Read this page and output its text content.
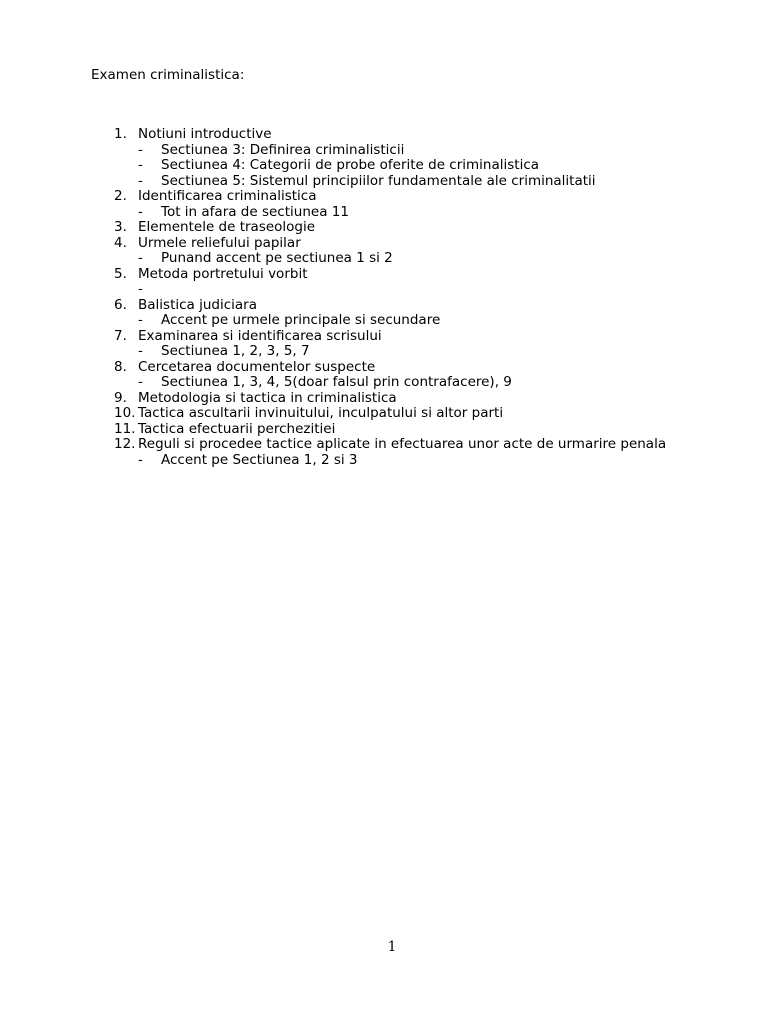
Examen criminalistica:
1. Notiuni introductive
- Sectiunea 3: Definirea criminalisticii
- Sectiunea 4: Categorii de probe oferite de criminalistica
- Sectiunea 5: Sistemul principiilor fundamentale ale criminalitatii
2. Identificarea criminalistica
- Tot in afara de sectiunea 11
3. Elementele de traseologie
4. Urmele reliefului papilar
- Punand accent pe sectiunea 1 si 2
5. Metoda portretului vorbit
-
6. Balistica judiciara
- Accent pe urmele principale si secundare
7. Examinarea si identificarea scrisului
- Sectiunea 1, 2, 3, 5, 7
8. Cercetarea documentelor suspecte
- Sectiunea 1, 3, 4, 5(doar falsul prin contrafacere), 9
9. Metodologia si tactica in criminalistica
10. Tactica ascultarii invinuitului, inculpatului si altor parti
11. Tactica efectuarii perchezitiei
12. Reguli si procedee tactice aplicate in efectuarea unor acte de urmarire penala
- Accent pe Sectiunea 1, 2 si 3
1
